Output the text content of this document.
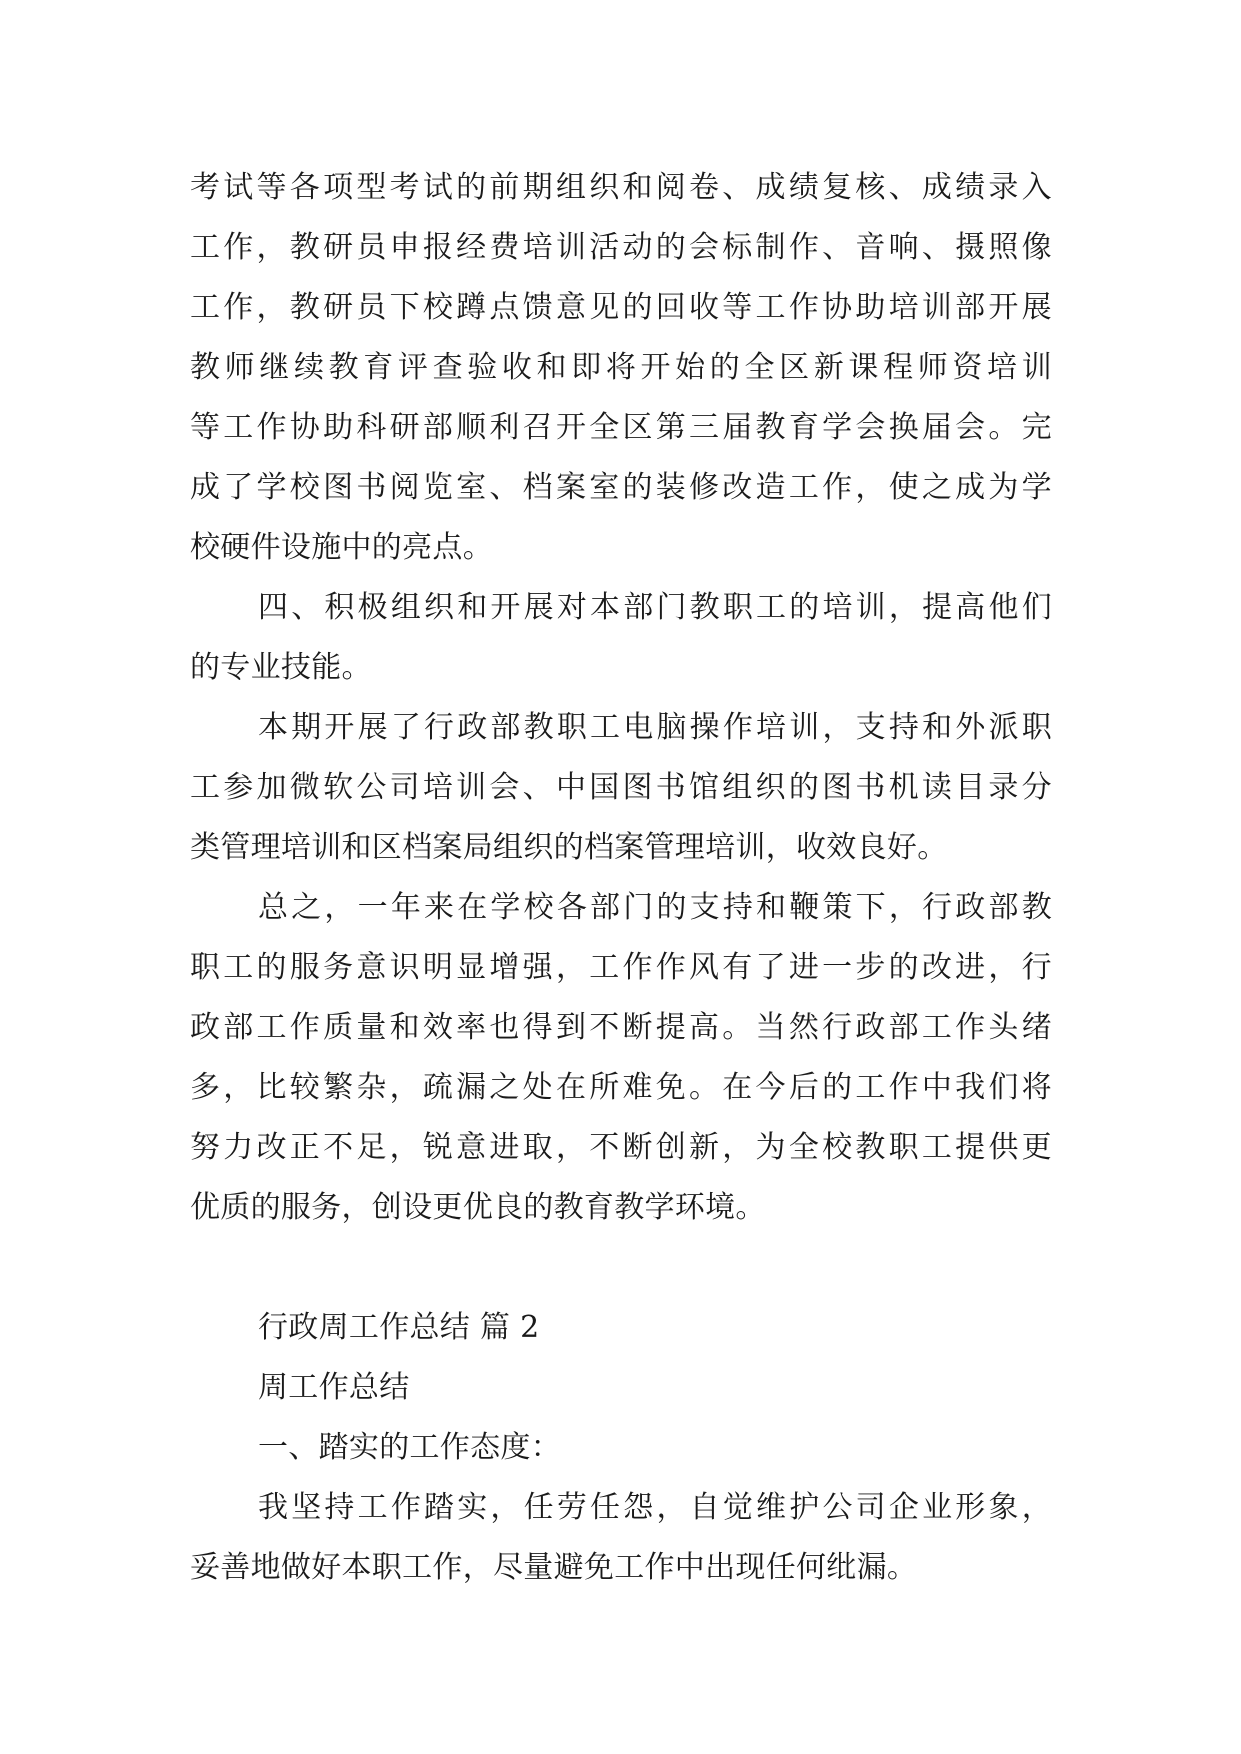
考试等各项型考试的前期组织和阅卷、成绩复核、成绩录入
工作，教研员申报经费培训活动的会标制作、音响、摄照像
工作，教研员下校蹲点馈意见的回收等工作协助培训部开展
教师继续教育评查验收和即将开始的全区新课程师资培训
等工作协助科研部顺利召开全区第三届教育学会换届会。完
成了学校图书阅览室、档案室的装修改造工作，使之成为学
校硬件设施中的亮点。
四、积极组织和开展对本部门教职工的培训，提高他们
的专业技能。
本期开展了行政部教职工电脑操作培训，支持和外派职
工参加微软公司培训会、中国图书馆组织的图书机读目录分
类管理培训和区档案局组织的档案管理培训，收效良好。
总之，一年来在学校各部门的支持和鞭策下，行政部教
职工的服务意识明显增强，工作作风有了进一步的改进，行
政部工作质量和效率也得到不断提高。当然行政部工作头绪
多，比较繁杂，疏漏之处在所难免。在今后的工作中我们将
努力改正不足，锐意进取，不断创新，为全校教职工提供更
优质的服务，创设更优良的教育教学环境。
行政周工作总结 篇 2
周工作总结
一、踏实的工作态度：
我坚持工作踏实，任劳任怨，自觉维护公司企业形象，
妥善地做好本职工作，尽量避免工作中出现任何纰漏。
